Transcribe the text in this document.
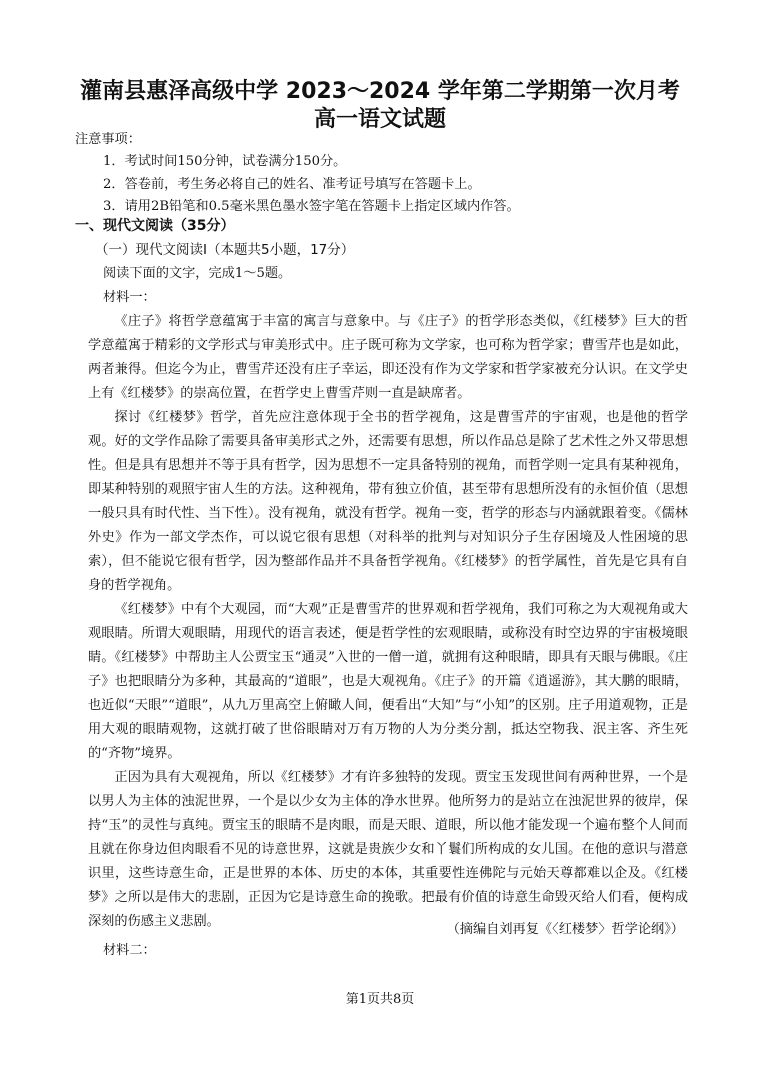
灌南县惠泽高级中学 2023～2024 学年第二学期第一次月考
高一语文试题
注意事项：
1．考试时间150分钟，试卷满分150分。
2．答卷前，考生务必将自己的姓名、准考证号填写在答题卡上。
3．请用2B铅笔和0.5毫米黑色墨水签字笔在答题卡上指定区域内作答。
一、现代文阅读（35分）
（一）现代文阅读Ⅰ（本题共5小题，17分）
阅读下面的文字，完成1～5题。
材料一：

《庄子》将哲学意蕴寓于丰富的寓言与意象中。与《庄子》的哲学形态类似，《红楼梦》巨大的哲学意蕴寓于精彩的文学形式与审美形式中。庄子既可称为文学家，也可称为哲学家；曹雪芹也是如此，两者兼得。但迄今为止，曹雪芹还没有庄子幸运，即还没有作为文学家和哲学家被充分认识。在文学史上有《红楼梦》的崇高位置，在哲学史上曹雪芹则一直是缺席者。

探讨《红楼梦》哲学，首先应注意体现于全书的哲学视角，这是曹雪芹的宇宙观，也是他的哲学观。好的文学作品除了需要具备审美形式之外，还需要有思想，所以作品总是除了艺术性之外又带思想性。但是具有思想并不等于具有哲学，因为思想不一定具备特别的视角，而哲学则一定具有某种视角，即某种特别的观照宇宙人生的方法。这种视角，带有独立价值，甚至带有思想所没有的永恒价值（思想一般只具有时代性、当下性）。没有视角，就没有哲学。视角一变，哲学的形态与内涵就跟着变。《儒林外史》作为一部文学杰作，可以说它很有思想（对科举的批判与对知识分子生存困境及人性困境的思索），但不能说它很有哲学，因为整部作品并不具备哲学视角。《红楼梦》的哲学属性，首先是它具有自身的哲学视角。

《红楼梦》中有个大观园，而“大观”正是曹雪芹的世界观和哲学视角，我们可称之为大观视角或大观眼睛。所谓大观眼睛，用现代的语言表述，便是哲学性的宏观眼睛，或称没有时空边界的宇宙极境眼睛。《红楼梦》中帮助主人公贾宝玉“通灵”入世的一僧一道，就拥有这种眼睛，即具有天眼与佛眼。《庄子》也把眼睛分为多种，其最高的“道眼”，也是大观视角。《庄子》的开篇《逍遥游》，其大鹏的眼睛，也近似“天眼”“道眼”，从九万里高空上俯瞰人间，便看出“大知”与“小知”的区别。庄子用道观物，正是用大观的眼睛观物，这就打破了世俗眼睛对万有万物的人为分类分割，抵达空物我、泯主客、齐生死的“齐物”境界。

正因为具有大观视角，所以《红楼梦》才有许多独特的发现。贾宝玉发现世间有两种世界，一个是以男人为主体的浊泥世界，一个是以少女为主体的净水世界。他所努力的是站立在浊泥世界的彼岸，保持“玉”的灵性与真纯。贾宝玉的眼睛不是肉眼，而是天眼、道眼，所以他才能发现一个遍布整个人间而且就在你身边但肉眼看不见的诗意世界，这就是贵族少女和丫鬟们所构成的女儿国。在他的意识与潜意识里，这些诗意生命，正是世界的本体、历史的本体，其重要性连佛陀与元始天尊都难以企及。《红楼梦》之所以是伟大的悲剧，正因为它是诗意生命的挽歌。把最有价值的诗意生命毁灭给人们看，便构成深刻的伤感主义悲剧。

（摘编自刘再复《〈红楼梦〉哲学论纲》）
材料二：
第1页共8页
